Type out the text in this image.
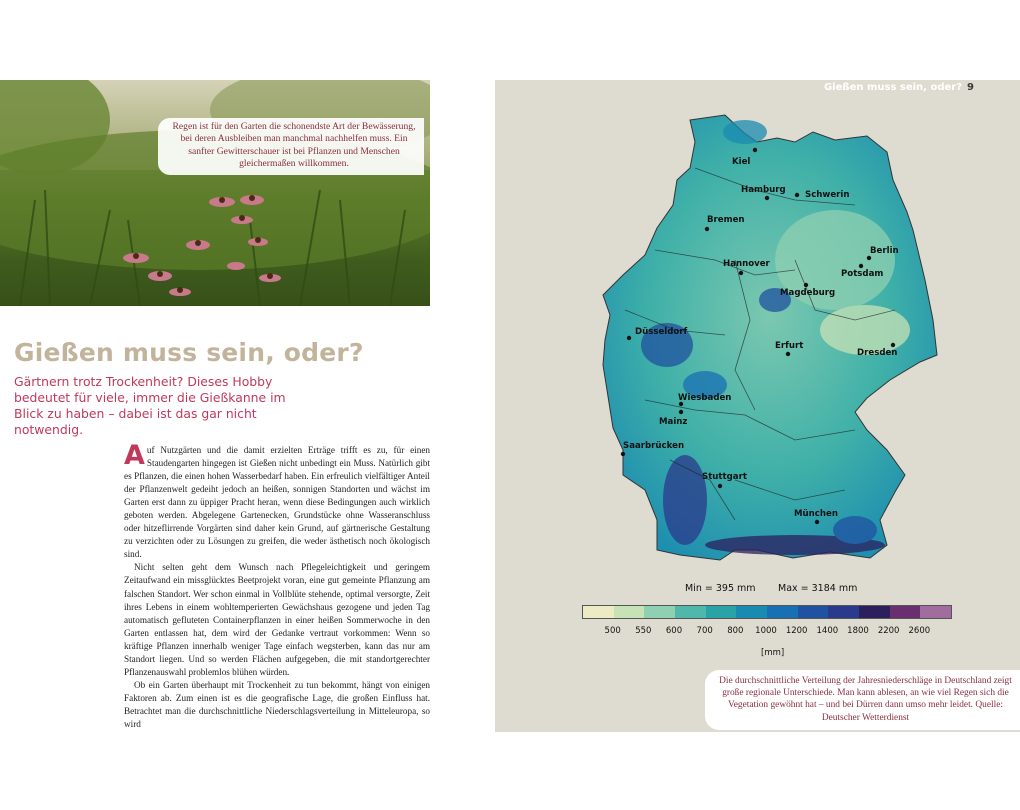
Regen ist für den Garten die schonendste Art der Bewässerung, bei deren Ausbleiben man manchmal nachhelfen muss. Ein sanfter Gewitterschauer ist bei Pflanzen und Menschen gleichermaßen willkommen.
Gießen muss sein, oder?

Gärtnern trotz Trockenheit? Dieses Hobby bedeutet für viele, immer die Gießkanne im Blick zu haben – dabei ist das gar nicht notwendig.

Auf Nutzgärten und die damit erzielten Erträge trifft es zu, für einen Staudengarten hingegen ist Gießen nicht unbedingt ein Muss. Natürlich gibt es Pflanzen, die einen hohen Wasserbedarf haben. Ein erfreulich vielfältiger Anteil der Pflanzenwelt gedeiht jedoch an heißen, sonnigen Standorten und wächst im Garten erst dann zu üppiger Pracht heran, wenn diese Bedingungen auch wirklich geboten werden. Abgelegene Gartenecken, Grundstücke ohne Wasseranschluss oder hitzeflirrende Vorgärten sind daher kein Grund, auf gärtnerische Gestaltung zu verzichten oder zu Lösungen zu greifen, die weder ästhetisch noch ökologisch sind.

Nicht selten geht dem Wunsch nach Pflegeleichtigkeit und geringem Zeitaufwand ein missglücktes Beetprojekt voran, eine gut gemeinte Pflanzung am falschen Standort. Wer schon einmal in Vollblüte stehende, optimal versorgte, Zeit ihres Lebens in einem wohltemperierten Gewächshaus gezogene und jeden Tag automatisch gefluteten Containerpflanzen in einer heißen Sommerwoche in den Garten entlassen hat, dem wird der Gedanke vertraut vorkommen: Wenn so kräftige Pflanzen innerhalb weniger Tage einfach wegsterben, kann das nur am Standort liegen. Und so werden Flächen aufgegeben, die mit standortgerechter Pflanzenauswahl problemlos blühen würden.

Ob ein Garten überhaupt mit Trockenheit zu tun bekommt, hängt von einigen Faktoren ab. Zum einen ist es die geografische Lage, die großen Einfluss hat. Betrachtet man die durchschnittliche Niederschlagsverteilung in Mitteleuropa, so wird

Gießen muss sein, oder? 9
Kiel
Hamburg Schwerin
Bremen
Berlin
Potsdam
Hannover
Magdeburg
Düsseldorf
Erfurt
Dresden
Wiesbaden
Mainz
Saarbrücken
Stuttgart
München
Min = 395 mm Max = 3184 mm
500 550 600 700 800 1000 1200 1400 1800 2200 2600
[mm]
Die durchschnittliche Verteilung der Jahresniederschläge in Deutschland zeigt große regionale Unterschiede. Man kann ablesen, an wie viel Regen sich die Vegetation gewöhnt hat – und bei Dürren dann umso mehr leidet. Quelle: Deutscher Wetterdienst
